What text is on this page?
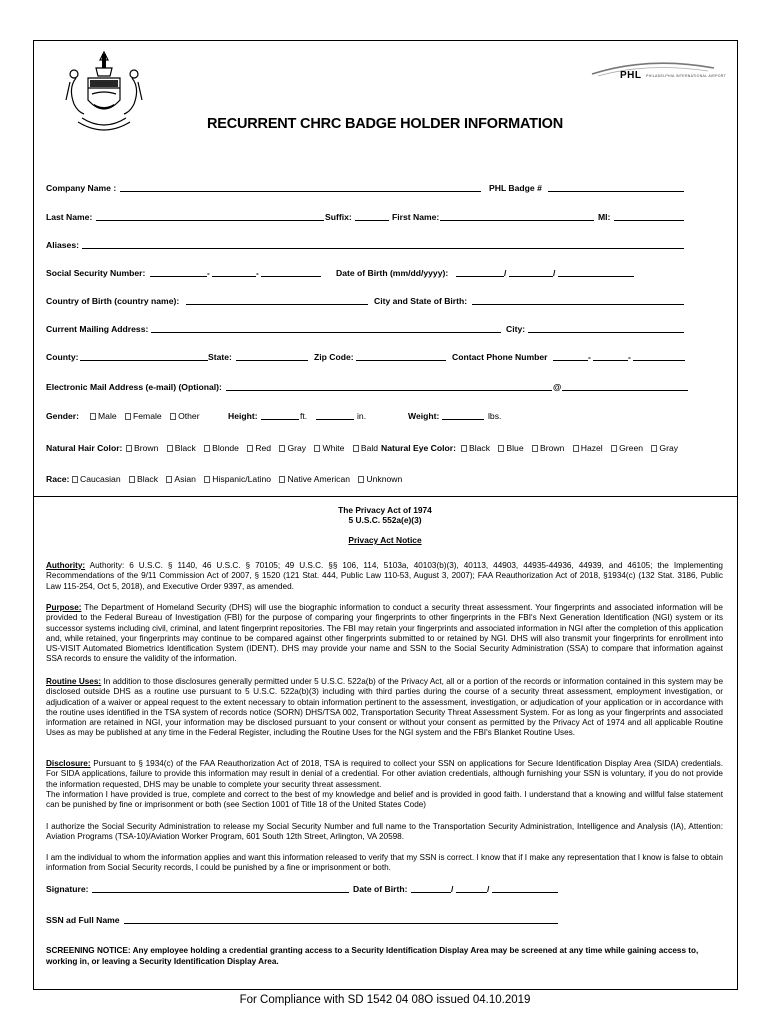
PHL PHILADELPHIA INTERNATIONAL AIRPORT
RECURRENT CHRC BADGE HOLDER INFORMATION
Company Name :	PHL Badge #
Last Name:	Suffix:	First Name:	MI:
Aliases:
Social Security Number:	-	-	Date of Birth (mm/dd/yyyy):	/	/
Country of Birth (country name):	City and State of Birth:
Current Mailing Address:	City:
County:	State:	Zip Code:	Contact Phone Number	-	-
Electronic Mail Address (e-mail) (Optional):	@
Gender:	Male Female Other	Height:	ft.	in.	Weight:	lbs.
Natural Hair Color:	Brown Black Blonde Red Gray White Bald Natural Eye Color:	Black Blue Brown Hazel Green Gray
Race:	Caucasian Black Asian Hispanic/Latino Native American Unknown
The Privacy Act of 1974
5 U.S.C. 552a(e)(3)
Privacy Act Notice
Authority: Authority: 6 U.S.C. § 1140, 46 U.S.C. § 70105; 49 U.S.C. §§ 106, 114, 5103a, 40103(b)(3), 40113, 44903, 44935-44936, 44939, and 46105; the Implementing Recommendations of the 9/11 Commission Act of 2007, § 1520 (121 Stat. 444, Public Law 110-53, August 3, 2007); FAA Reauthorization Act of 2018, §1934(c) (132 Stat. 3186, Public Law 115-254, Oct 5, 2018), and Executive Order 9397, as amended.
Purpose: The Department of Homeland Security (DHS) will use the biographic information to conduct a security threat assessment. Your fingerprints and associated information will be provided to the Federal Bureau of Investigation (FBI) for the purpose of comparing your fingerprints to other fingerprints in the FBI's Next Generation Identification (NGI) system or its successor systems including civil, criminal, and latent fingerprint repositories. The FBI may retain your fingerprints and associated information in NGI after the completion of this application and, while retained, your fingerprints may continue to be compared against other fingerprints submitted to or retained by NGI. DHS will also transmit your fingerprints for enrollment into US-VISIT Automated Biometrics Identification System (IDENT). DHS may provide your name and SSN to the Social Security Administration (SSA) to compare that information against SSA records to ensure the validity of the information.
Routine Uses: In addition to those disclosures generally permitted under 5 U.S.C. 522a(b) of the Privacy Act, all or a portion of the records or information contained in this system may be disclosed outside DHS as a routine use pursuant to 5 U.S.C. 522a(b)(3) including with third parties during the course of a security threat assessment, employment investigation, or adjudication of a waiver or appeal request to the extent necessary to obtain information pertinent to the assessment, investigation, or adjudication of your application or in accordance with the routine uses identified in the TSA system of records notice (SORN) DHS/TSA 002, Transportation Security Threat Assessment System. For as long as your fingerprints and associated information are retained in NGI, your information may be disclosed pursuant to your consent or without your consent as permitted by the Privacy Act of 1974 and all applicable Routine Uses as may be published at any time in the Federal Register, including the Routine Uses for the NGI system and the FBI's Blanket Routine Uses.
Disclosure: Pursuant to § 1934(c) of the FAA Reauthorization Act of 2018, TSA is required to collect your SSN on applications for Secure Identification Display Area (SIDA) credentials. For SIDA applications, failure to provide this information may result in denial of a credential. For other aviation credentials, although furnishing your SSN is voluntary, if you do not provide the information requested, DHS may be unable to complete your security threat assessment.
The information I have provided is true, complete and correct to the best of my knowledge and belief and is provided in good faith. I understand that a knowing and willful false statement can be punished by fine or imprisonment or both (see Section 1001 of Title 18 of the United States Code)
I authorize the Social Security Administration to release my Social Security Number and full name to the Transportation Security Administration, Intelligence and Analysis (IA), Attention: Aviation Programs (TSA-10)/Aviation Worker Program, 601 South 12th Street, Arlington, VA 20598.
I am the individual to whom the information applies and want this information released to verify that my SSN is correct. I know that if I make any representation that I know is false to obtain information from Social Security records, I could be punished by a fine or imprisonment or both.
Signature:	Date of Birth:	/	/
SSN ad Full Name
SCREENING NOTICE: Any employee holding a credential granting access to a Security Identification Display Area may be screened at any time while gaining access to, working in, or leaving a Security Identification Display Area.
For Compliance with SD 1542 04 08O issued 04.10.2019
